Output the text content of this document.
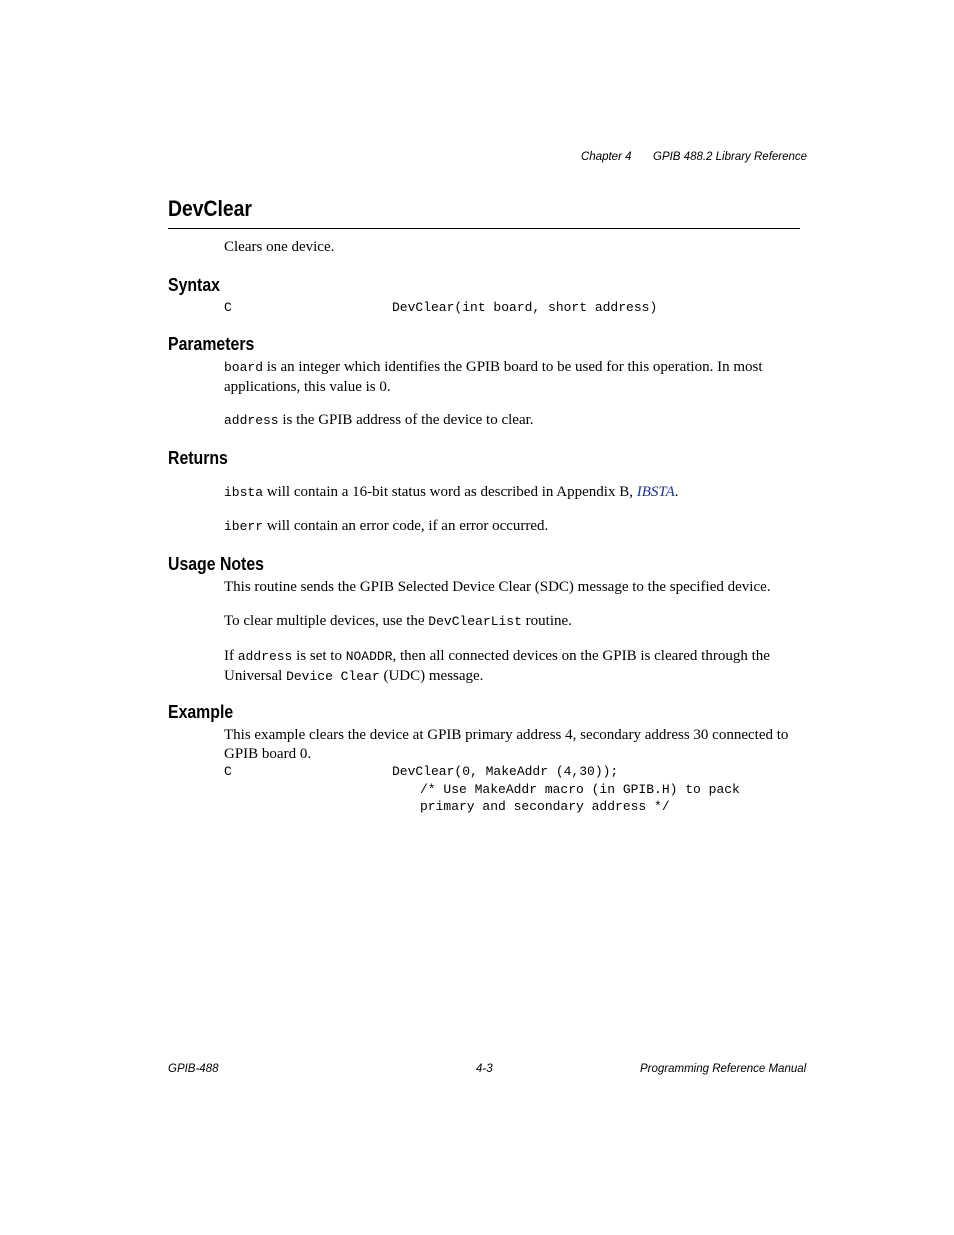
Chapter 4 GPIB 488.2 Library Reference
DevClear
Clears one device.
Syntax
C	DevClear(int board, short address)
Parameters
board is an integer which identifies the GPIB board to be used for this operation. In most applications, this value is 0.
address is the GPIB address of the device to clear.
Returns
ibsta will contain a 16-bit status word as described in Appendix B, IBSTA.
iberr will contain an error code, if an error occurred.
Usage Notes
This routine sends the GPIB Selected Device Clear (SDC) message to the specified device.
To clear multiple devices, use the DevClearList routine.
If address is set to NOADDR, then all connected devices on the GPIB is cleared through the Universal Device Clear (UDC) message.
Example
This example clears the device at GPIB primary address 4, secondary address 30 connected to GPIB board 0.
C	DevClear(0, MakeAddr (4,30));
/* Use MakeAddr macro (in GPIB.H) to pack
primary and secondary address */
GPIB-488	4-3	Programming Reference Manual
